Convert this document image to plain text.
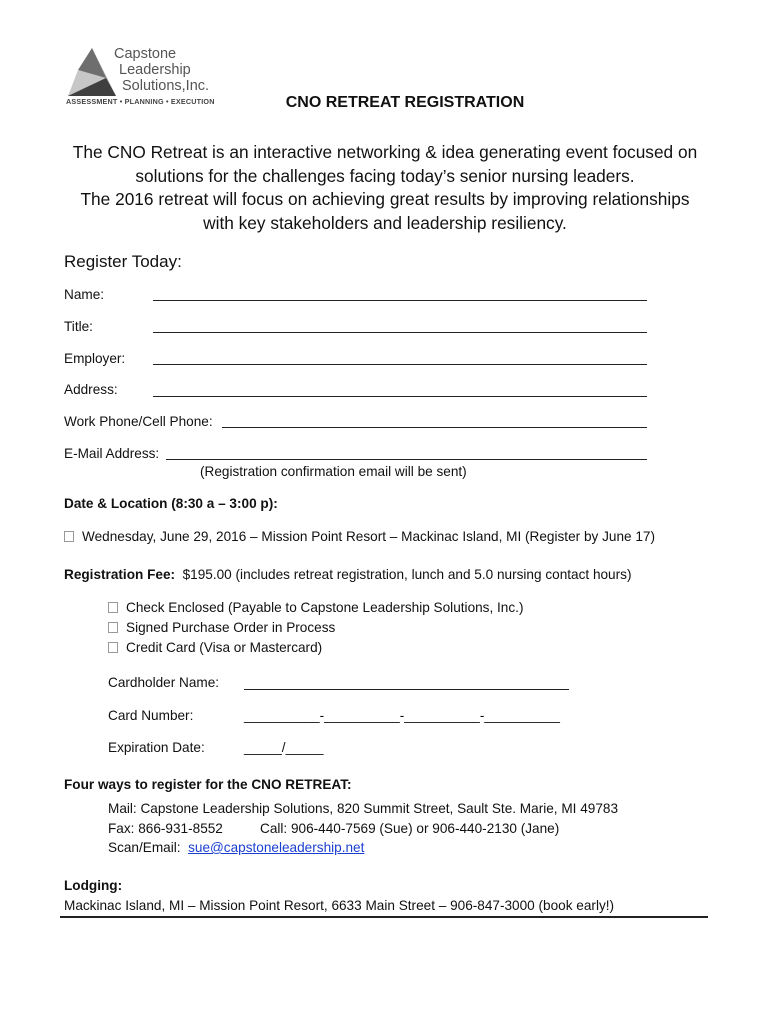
Capstone
Leadership
Solutions,Inc.
ASSESSMENT • PLANNING • EXECUTION	CNO RETREAT REGISTRATION
The CNO Retreat is an interactive networking & idea generating event focused on
solutions for the challenges facing today’s senior nursing leaders.
The 2016 retreat will focus on achieving great results by improving relationships
with key stakeholders and leadership resiliency.
Register Today:
Name:
Title:
Employer:
Address:
Work Phone/Cell Phone:
E-Mail Address:
(Registration confirmation email will be sent)
Date & Location (8:30 a – 3:00 p):
Wednesday, June 29, 2016 – Mission Point Resort – Mackinac Island, MI (Register by June 17)
Registration Fee: $195.00 (includes retreat registration, lunch and 5.0 nursing contact hours)
Check Enclosed (Payable to Capstone Leadership Solutions, Inc.)
Signed Purchase Order in Process
Credit Card (Visa or Mastercard)
Cardholder Name:
Card Number:	__________-__________-__________-__________
Expiration Date:	_____/_____
Four ways to register for the CNO RETREAT:
Mail: Capstone Leadership Solutions, 820 Summit Street, Sault Ste. Marie, MI 49783
Fax: 866-931-8552	Call: 906-440-7569 (Sue) or 906-440-2130 (Jane)
Scan/Email: sue@capstoneleadership.net
Lodging:
Mackinac Island, MI – Mission Point Resort, 6633 Main Street – 906-847-3000 (book early!)
